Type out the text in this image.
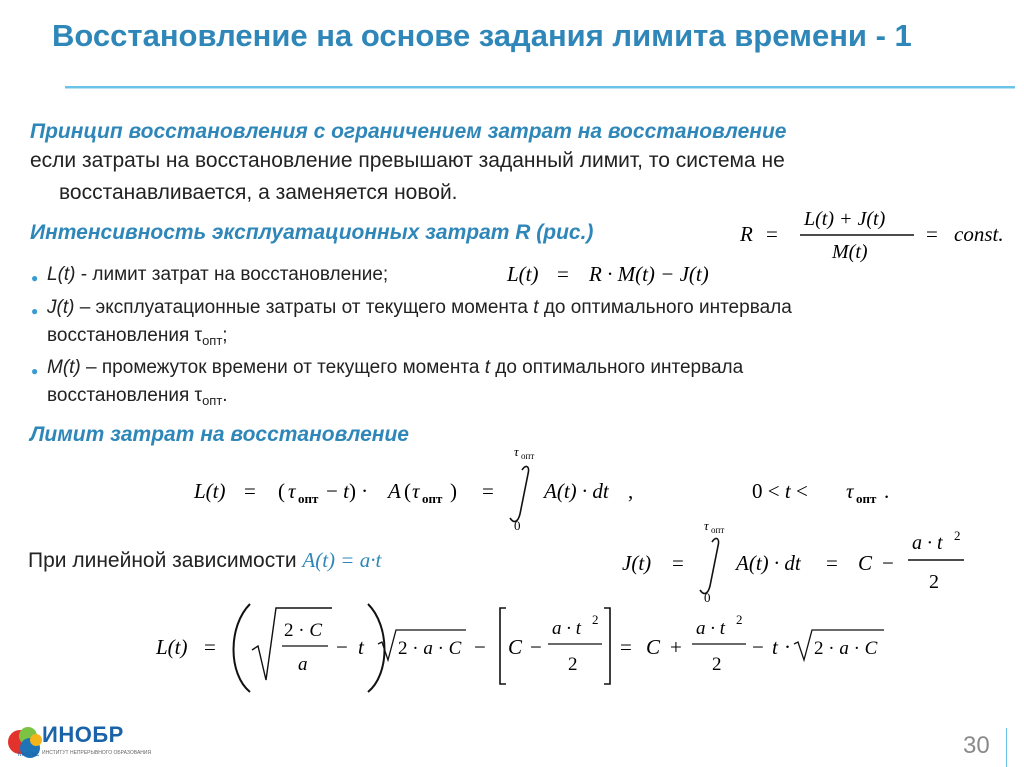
Восстановление на основе задания лимита времени - 1
Принцип восстановления с ограничением затрат на восстановление
если затраты на восстановление превышают заданный лимит, то система не
восстанавливается, а заменяется новой.
Интенсивность эксплуатационных затрат R (рис.)	R =
L(t) + J(t)
M(t)
= const.
● L(t) - лимит затрат на восстановление;	L(t) = R · M(t) − J(t)
● J(t) – эксплуатационные затраты от текущего момента t до оптимального интервала
восстановления $\tau_{опт}$;
● M(t) – промежуток времени от текущего момента t до оптимального интервала
восстановления $\tau_{опт}$.
Лимит затрат на восстановление
L(t) = ( τ опт − t) · A ( τ опт ) =
τ опт
0
A(t) · dt ,	0 < t < τ опт .
При линейной зависимости A(t) = a·t	J(t) =
τ опт
0
A(t) · dt = C −
a · t 2
2
L(t) =
2 · C
a
− t 2 · a · C − C −
a · t 2
2
= C +
a · t 2
2
− t · 2 · a · C
ИНОБР
МИСиС ИНСТИТУТ НЕПРЕРЫВНОГО ОБРАЗОВАНИЯ	30
